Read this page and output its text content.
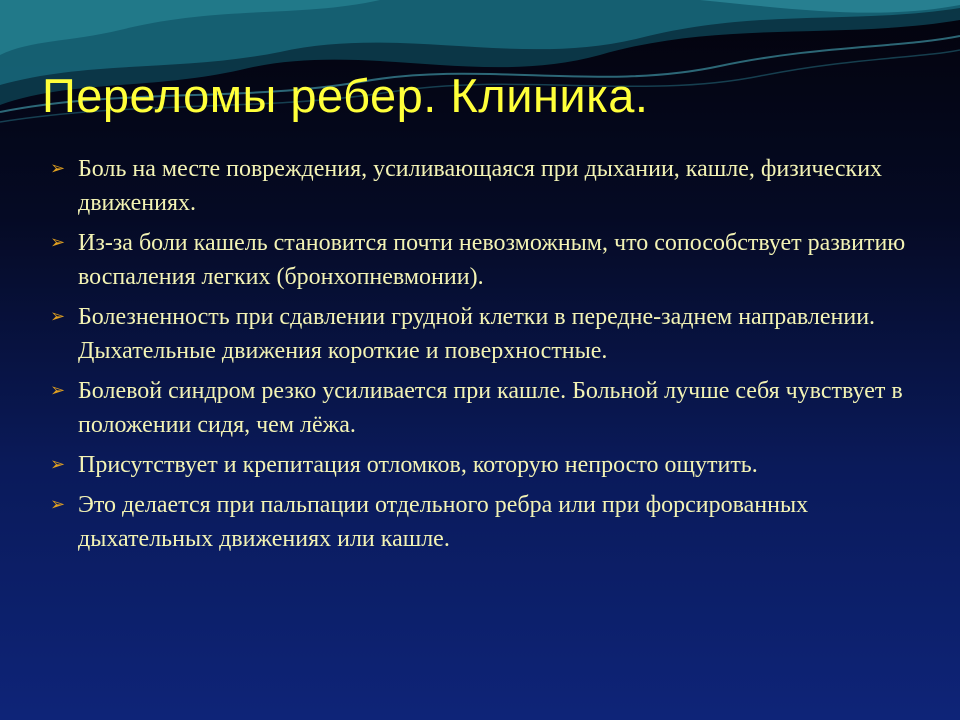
Переломы ребер. Клиника.
➢ Боль на месте повреждения, усиливающаяся при дыхании, кашле, физических движениях.
➢ Из-за боли кашель становится почти невозможным, что сопособствует развитию воспаления легких (бронхопневмонии).
➢ Болезненность при сдавлении грудной клетки в передне-заднем направлении. Дыхательные движения короткие и поверхностные.
➢ Болевой синдром резко усиливается при кашле. Больной лучше себя чувствует в положении сидя, чем лёжа.
➢ Присутствует и крепитация отломков, которую непросто ощутить.
➢ Это делается при пальпации отдельного ребра или при форсированных дыхательных движениях или кашле.
